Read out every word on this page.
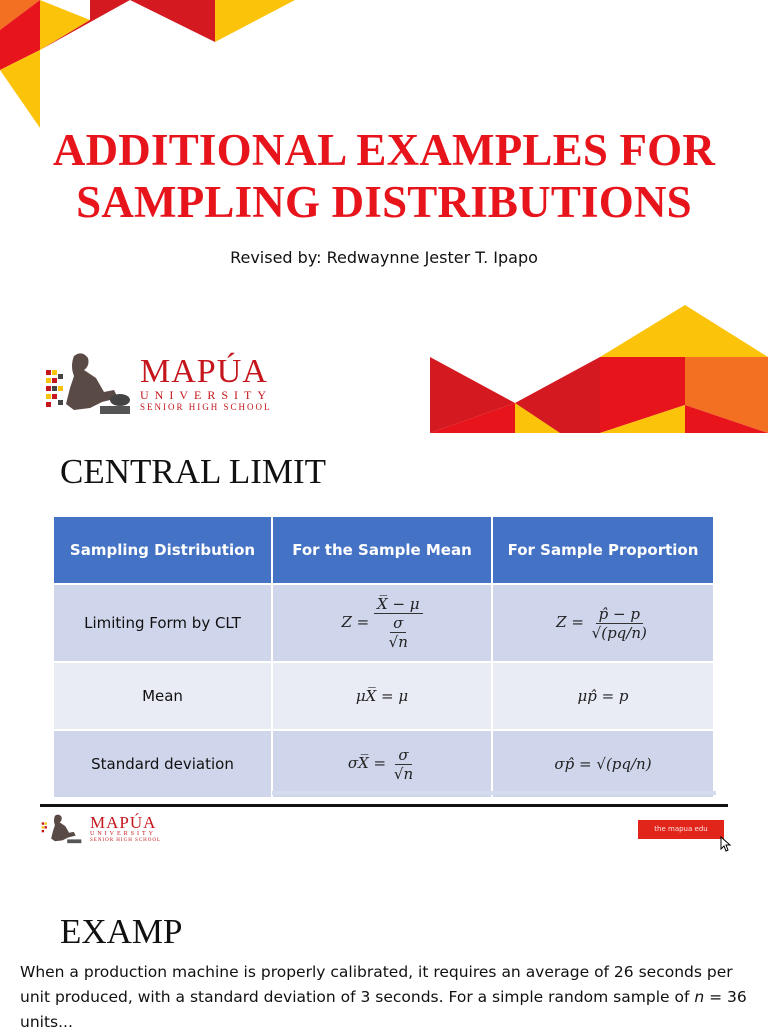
ADDITIONAL EXAMPLES FOR
SAMPLING DISTRIBUTIONS
Revised by: Redwaynne Jester T. Ipapo
MAPÚA
UNIVERSITY
SENIOR HIGH SCHOOL
CENTRAL LIMIT
Sampling Distribution	For the Sample Mean	For Sample Proportion
Limiting Form by CLT	$Z = \frac{X̅ - \mu}{\frac{\sigma}{√n}}$	$Z = \frac{p̂ - p}{√(pq/n)}$

Mean	μX̅ = μ	μp̂ = p
Standard deviation	σX̅ = $\frac{\sigma}{√n}$	σp̂ = √(pq/n)
MAPÚA
UNIVERSITY
SENIOR HIGH SCHOOL
the mapua edu
EXAMP
When a production machine is properly calibrated, it requires an average of 26 seconds per unit produced, with a standard deviation of 3 seconds. For a simple random sample of n = 36 units...
